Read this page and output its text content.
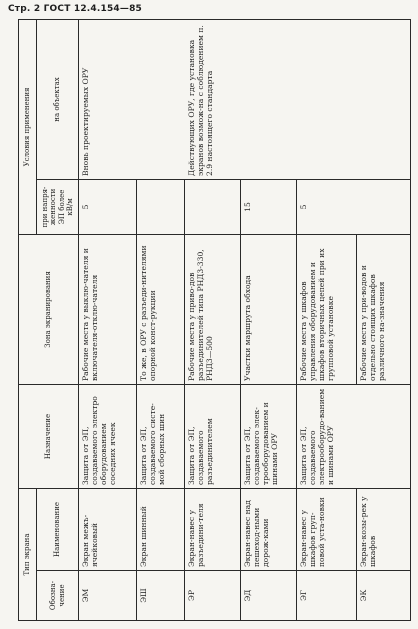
Стр. 2 ГОСТ 12.4.154—85
Тип экрана		Назначение	Зона экранирования	Условия применения	
Обозна-чение	Наименование			при напря-женности ЭП более кВ/м	на объектах
ЭМ	Экран межъ-ячейковый	Защита от ЭП, создаваемого электро оборудованием соседних ячеек	Рабочие места у выклю-чателя и включателя-отклю-чателя	5	Вновь проектируемых ОРУ
ЭШ	Экран шинный	Защита от ЭП, создаваемого систе-мой сборных шин	То же, в ОРУ с разъеди-нителями опорной конст-рукции		
ЭР	Экран-навес у разъедини-теля	Защита от ЭП, создаваемого разъединителем	Рабочие места у приво-дов разъединителей типа РНД3-330, РНД3—500		Действующих ОРУ, где установка экранов возмож-на с соблюдением п. 2.9 настоящего стандарта
ЭД	Экран-навес над пешеход-ными дорож-ками	Защита от ЭП, создаваемого элек-трооборудованием и шинами ОРУ	Участки маршрута обхода	15	
ЭГ	Экран-навес у шкафов груп-повой уста-новки	Защита от ЭП, создаваемого электрооборудо-ванием и шинами ОРУ	Рабочие места у шкафов управления оборудованием и шкафов вторичных цепей при их групповой установке	5	
ЭК	Экран-козы-рек у шкафов		Рабочие места у при-водов и отдельно стоящих шкафов различного на-значения		
